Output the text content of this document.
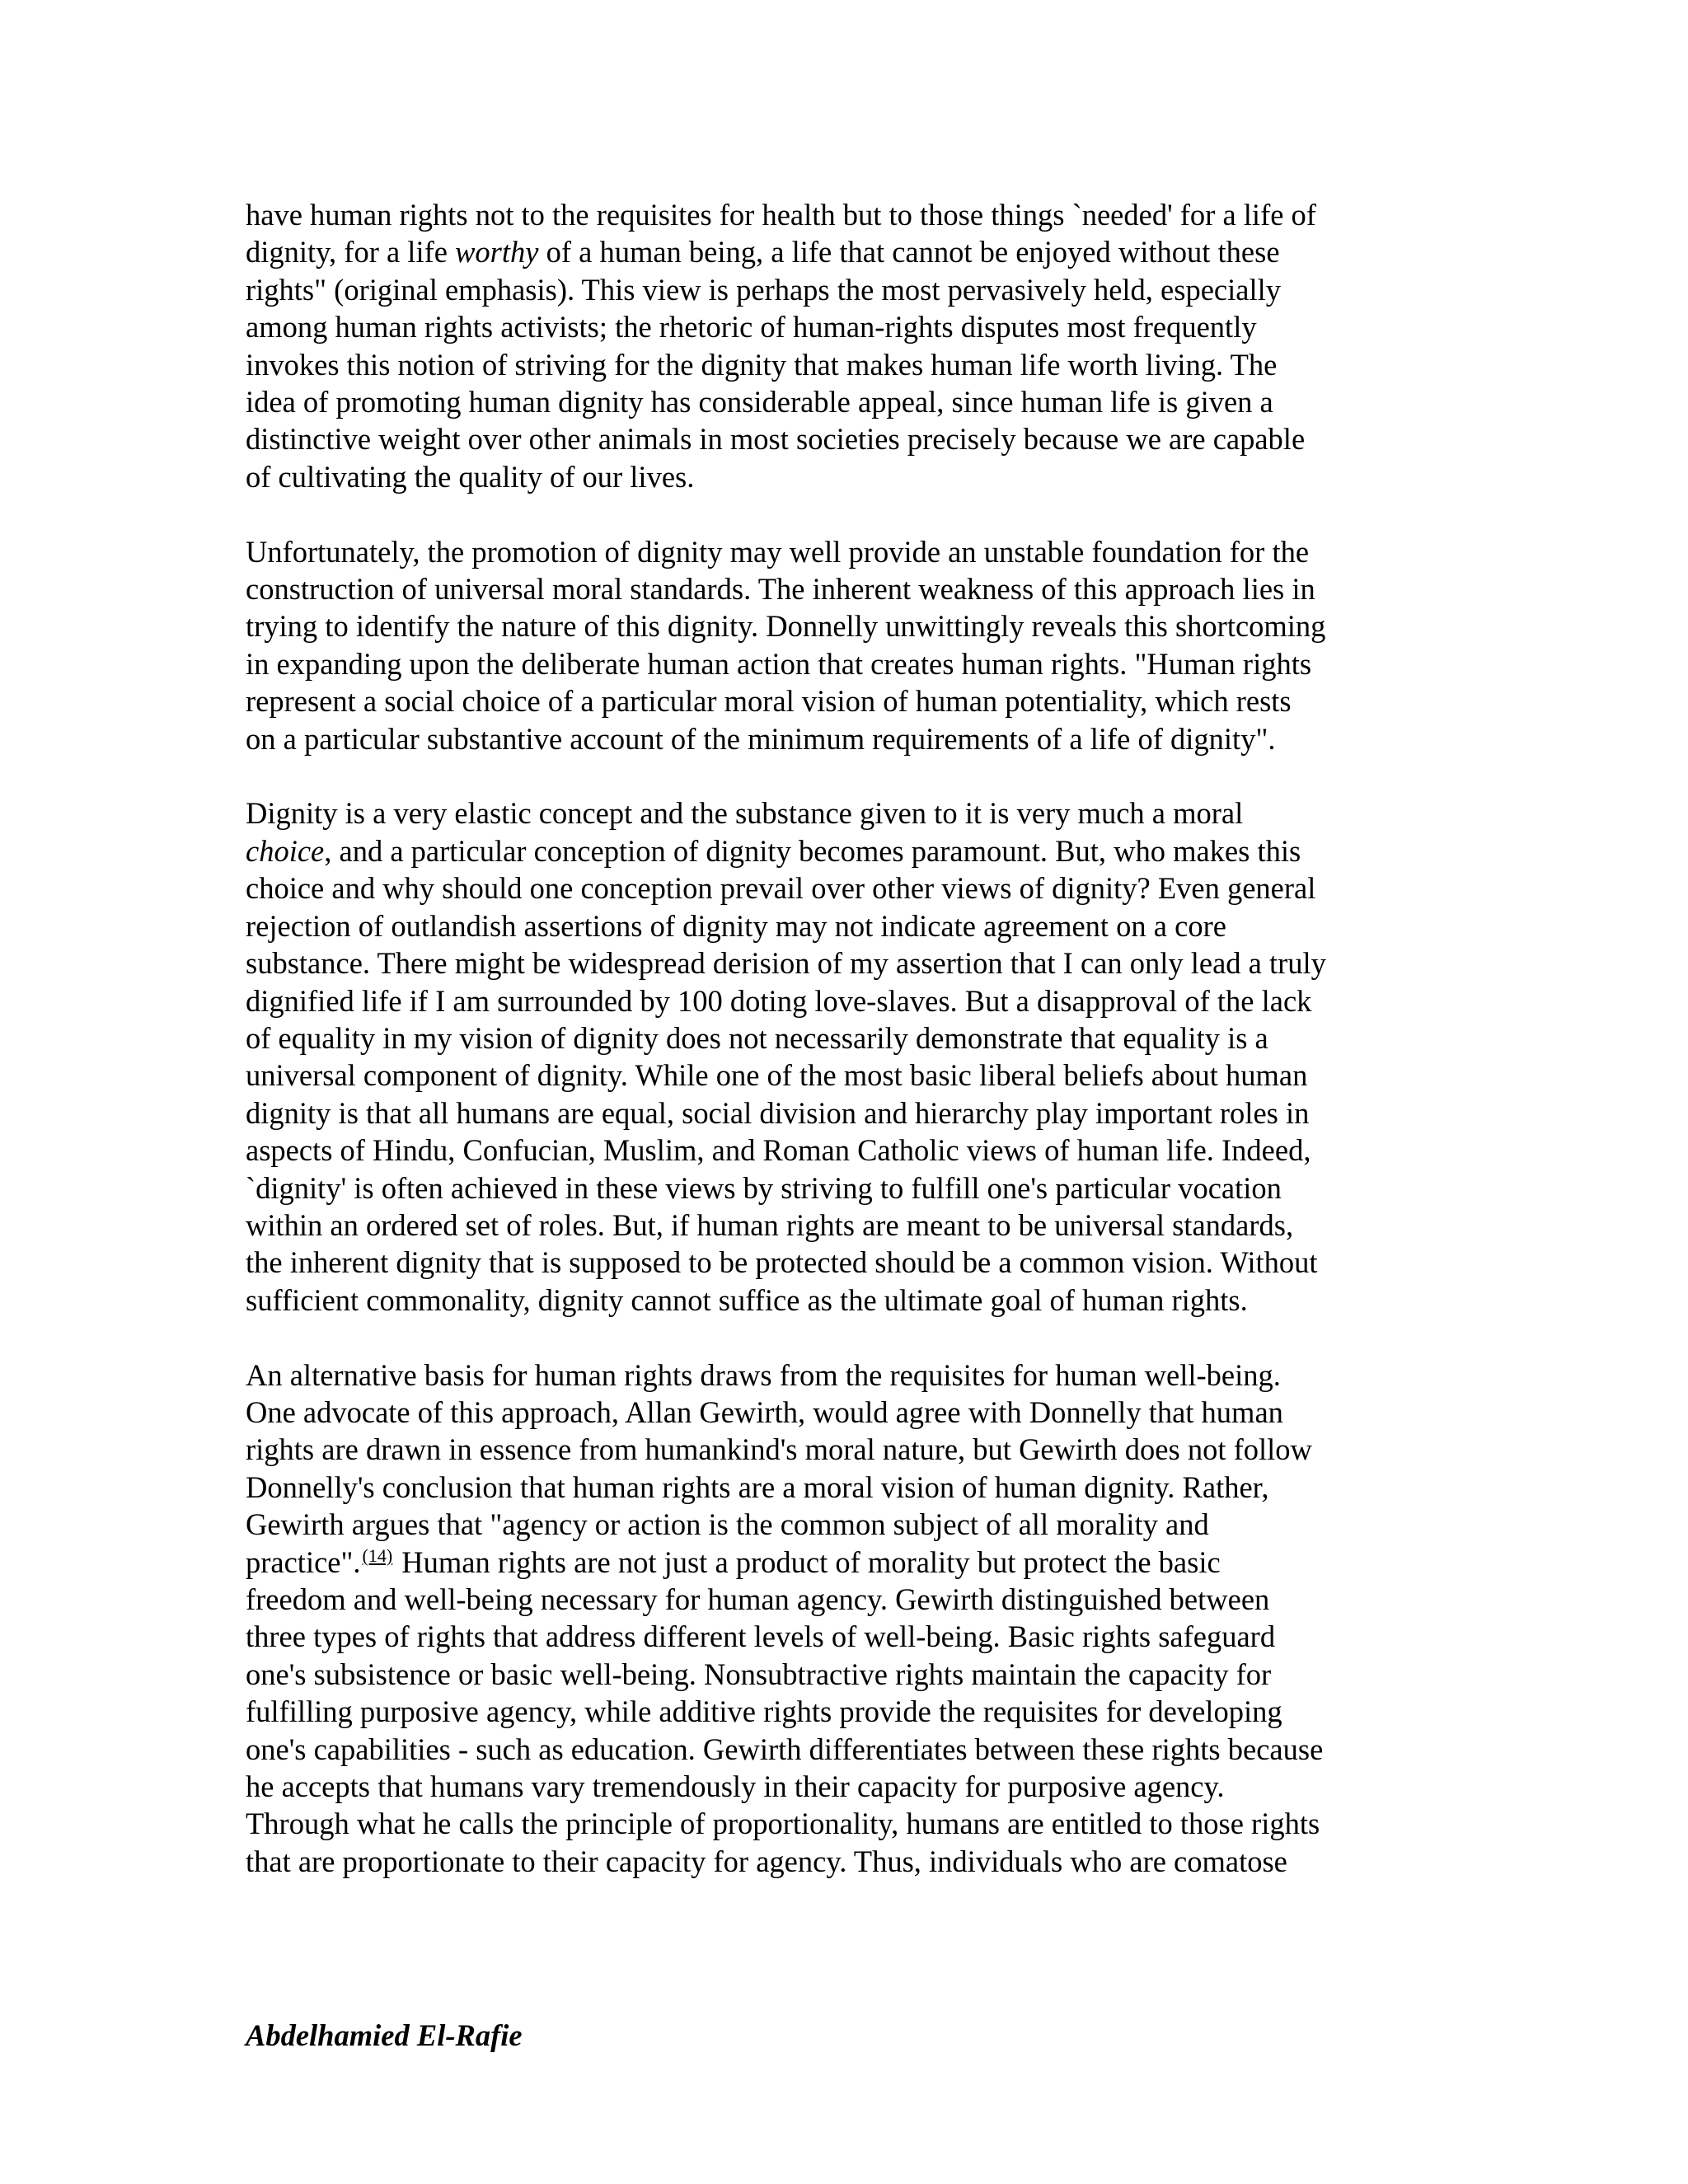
have human rights not to the requisites for health but to those things `needed' for a life of
dignity, for a life worthy of a human being, a life that cannot be enjoyed without these
rights" (original emphasis). This view is perhaps the most pervasively held, especially
among human rights activists; the rhetoric of human-rights disputes most frequently
invokes this notion of striving for the dignity that makes human life worth living. The
idea of promoting human dignity has considerable appeal, since human life is given a
distinctive weight over other animals in most societies precisely because we are capable
of cultivating the quality of our lives.

Unfortunately, the promotion of dignity may well provide an unstable foundation for the
construction of universal moral standards. The inherent weakness of this approach lies in
trying to identify the nature of this dignity. Donnelly unwittingly reveals this shortcoming
in expanding upon the deliberate human action that creates human rights. "Human rights
represent a social choice of a particular moral vision of human potentiality, which rests
on a particular substantive account of the minimum requirements of a life of dignity".

Dignity is a very elastic concept and the substance given to it is very much a moral
choice, and a particular conception of dignity becomes paramount. But, who makes this
choice and why should one conception prevail over other views of dignity? Even general
rejection of outlandish assertions of dignity may not indicate agreement on a core
substance. There might be widespread derision of my assertion that I can only lead a truly
dignified life if I am surrounded by 100 doting love-slaves. But a disapproval of the lack
of equality in my vision of dignity does not necessarily demonstrate that equality is a
universal component of dignity. While one of the most basic liberal beliefs about human
dignity is that all humans are equal, social division and hierarchy play important roles in
aspects of Hindu, Confucian, Muslim, and Roman Catholic views of human life. Indeed,
`dignity' is often achieved in these views by striving to fulfill one's particular vocation
within an ordered set of roles. But, if human rights are meant to be universal standards,
the inherent dignity that is supposed to be protected should be a common vision. Without
sufficient commonality, dignity cannot suffice as the ultimate goal of human rights.

An alternative basis for human rights draws from the requisites for human well-being.
One advocate of this approach, Allan Gewirth, would agree with Donnelly that human
rights are drawn in essence from humankind's moral nature, but Gewirth does not follow
Donnelly's conclusion that human rights are a moral vision of human dignity. Rather,
Gewirth argues that "agency or action is the common subject of all morality and
practice".$^{(14)}$ Human rights are not just a product of morality but protect the basic
freedom and well-being necessary for human agency. Gewirth distinguished between
three types of rights that address different levels of well-being. Basic rights safeguard
one's subsistence or basic well-being. Nonsubtractive rights maintain the capacity for
fulfilling purposive agency, while additive rights provide the requisites for developing
one's capabilities - such as education. Gewirth differentiates between these rights because
he accepts that humans vary tremendously in their capacity for purposive agency.
Through what he calls the principle of proportionality, humans are entitled to those rights
that are proportionate to their capacity for agency. Thus, individuals who are comatose

Abdelhamied El-Rafie
